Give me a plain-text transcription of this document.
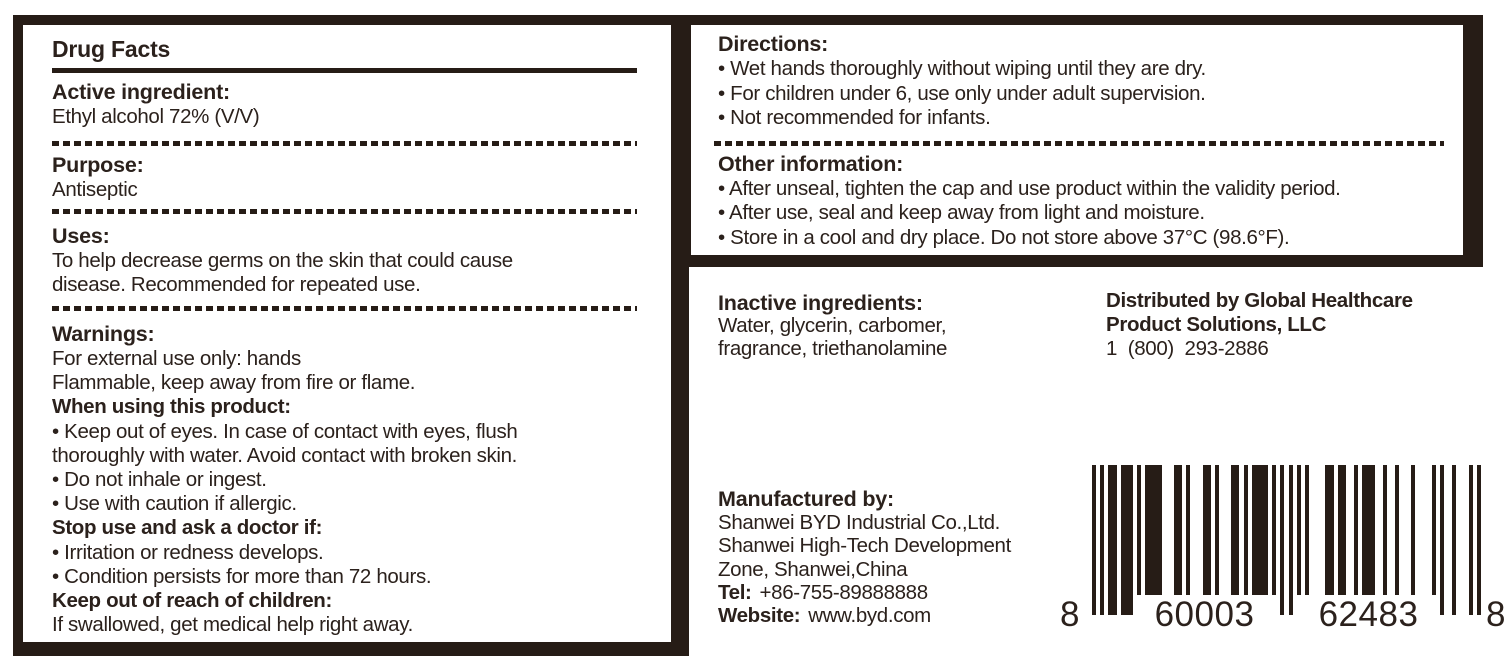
Drug Facts
Active ingredient:
Ethyl alcohol 72% (V/V)
Purpose:
Antiseptic
Uses:
To help decrease germs on the skin that could cause
disease. Recommended for repeated use.
Warnings:
For external use only: hands
Flammable, keep away from fire or flame.
When using this product:
• Keep out of eyes. In case of contact with eyes, flush
thoroughly with water. Avoid contact with broken skin.
• Do not inhale or ingest.
• Use with caution if allergic.
Stop use and ask a doctor if:
• Irritation or redness develops.
• Condition persists for more than 72 hours.
Keep out of reach of children:
If swallowed, get medical help right away.
Directions:
• Wet hands thoroughly without wiping until they are dry.
• For children under 6, use only under adult supervision.
• Not recommended for infants.
Other information:
• After unseal, tighten the cap and use product within the validity period.
• After use, seal and keep away from light and moisture.
• Store in a cool and dry place. Do not store above 37°C (98.6°F).
Inactive ingredients:
Water, glycerin, carbomer,
fragrance, triethanolamine
Distributed by Global Healthcare
Product Solutions, LLC
1  (800)  293-2886
Manufactured by:
Shanwei BYD Industrial Co.,Ltd.
Shanwei High-Tech Development
Zone, Shanwei,China
Tel: +86-755-89888888
Website: www.byd.com	8	60003	62483	8
